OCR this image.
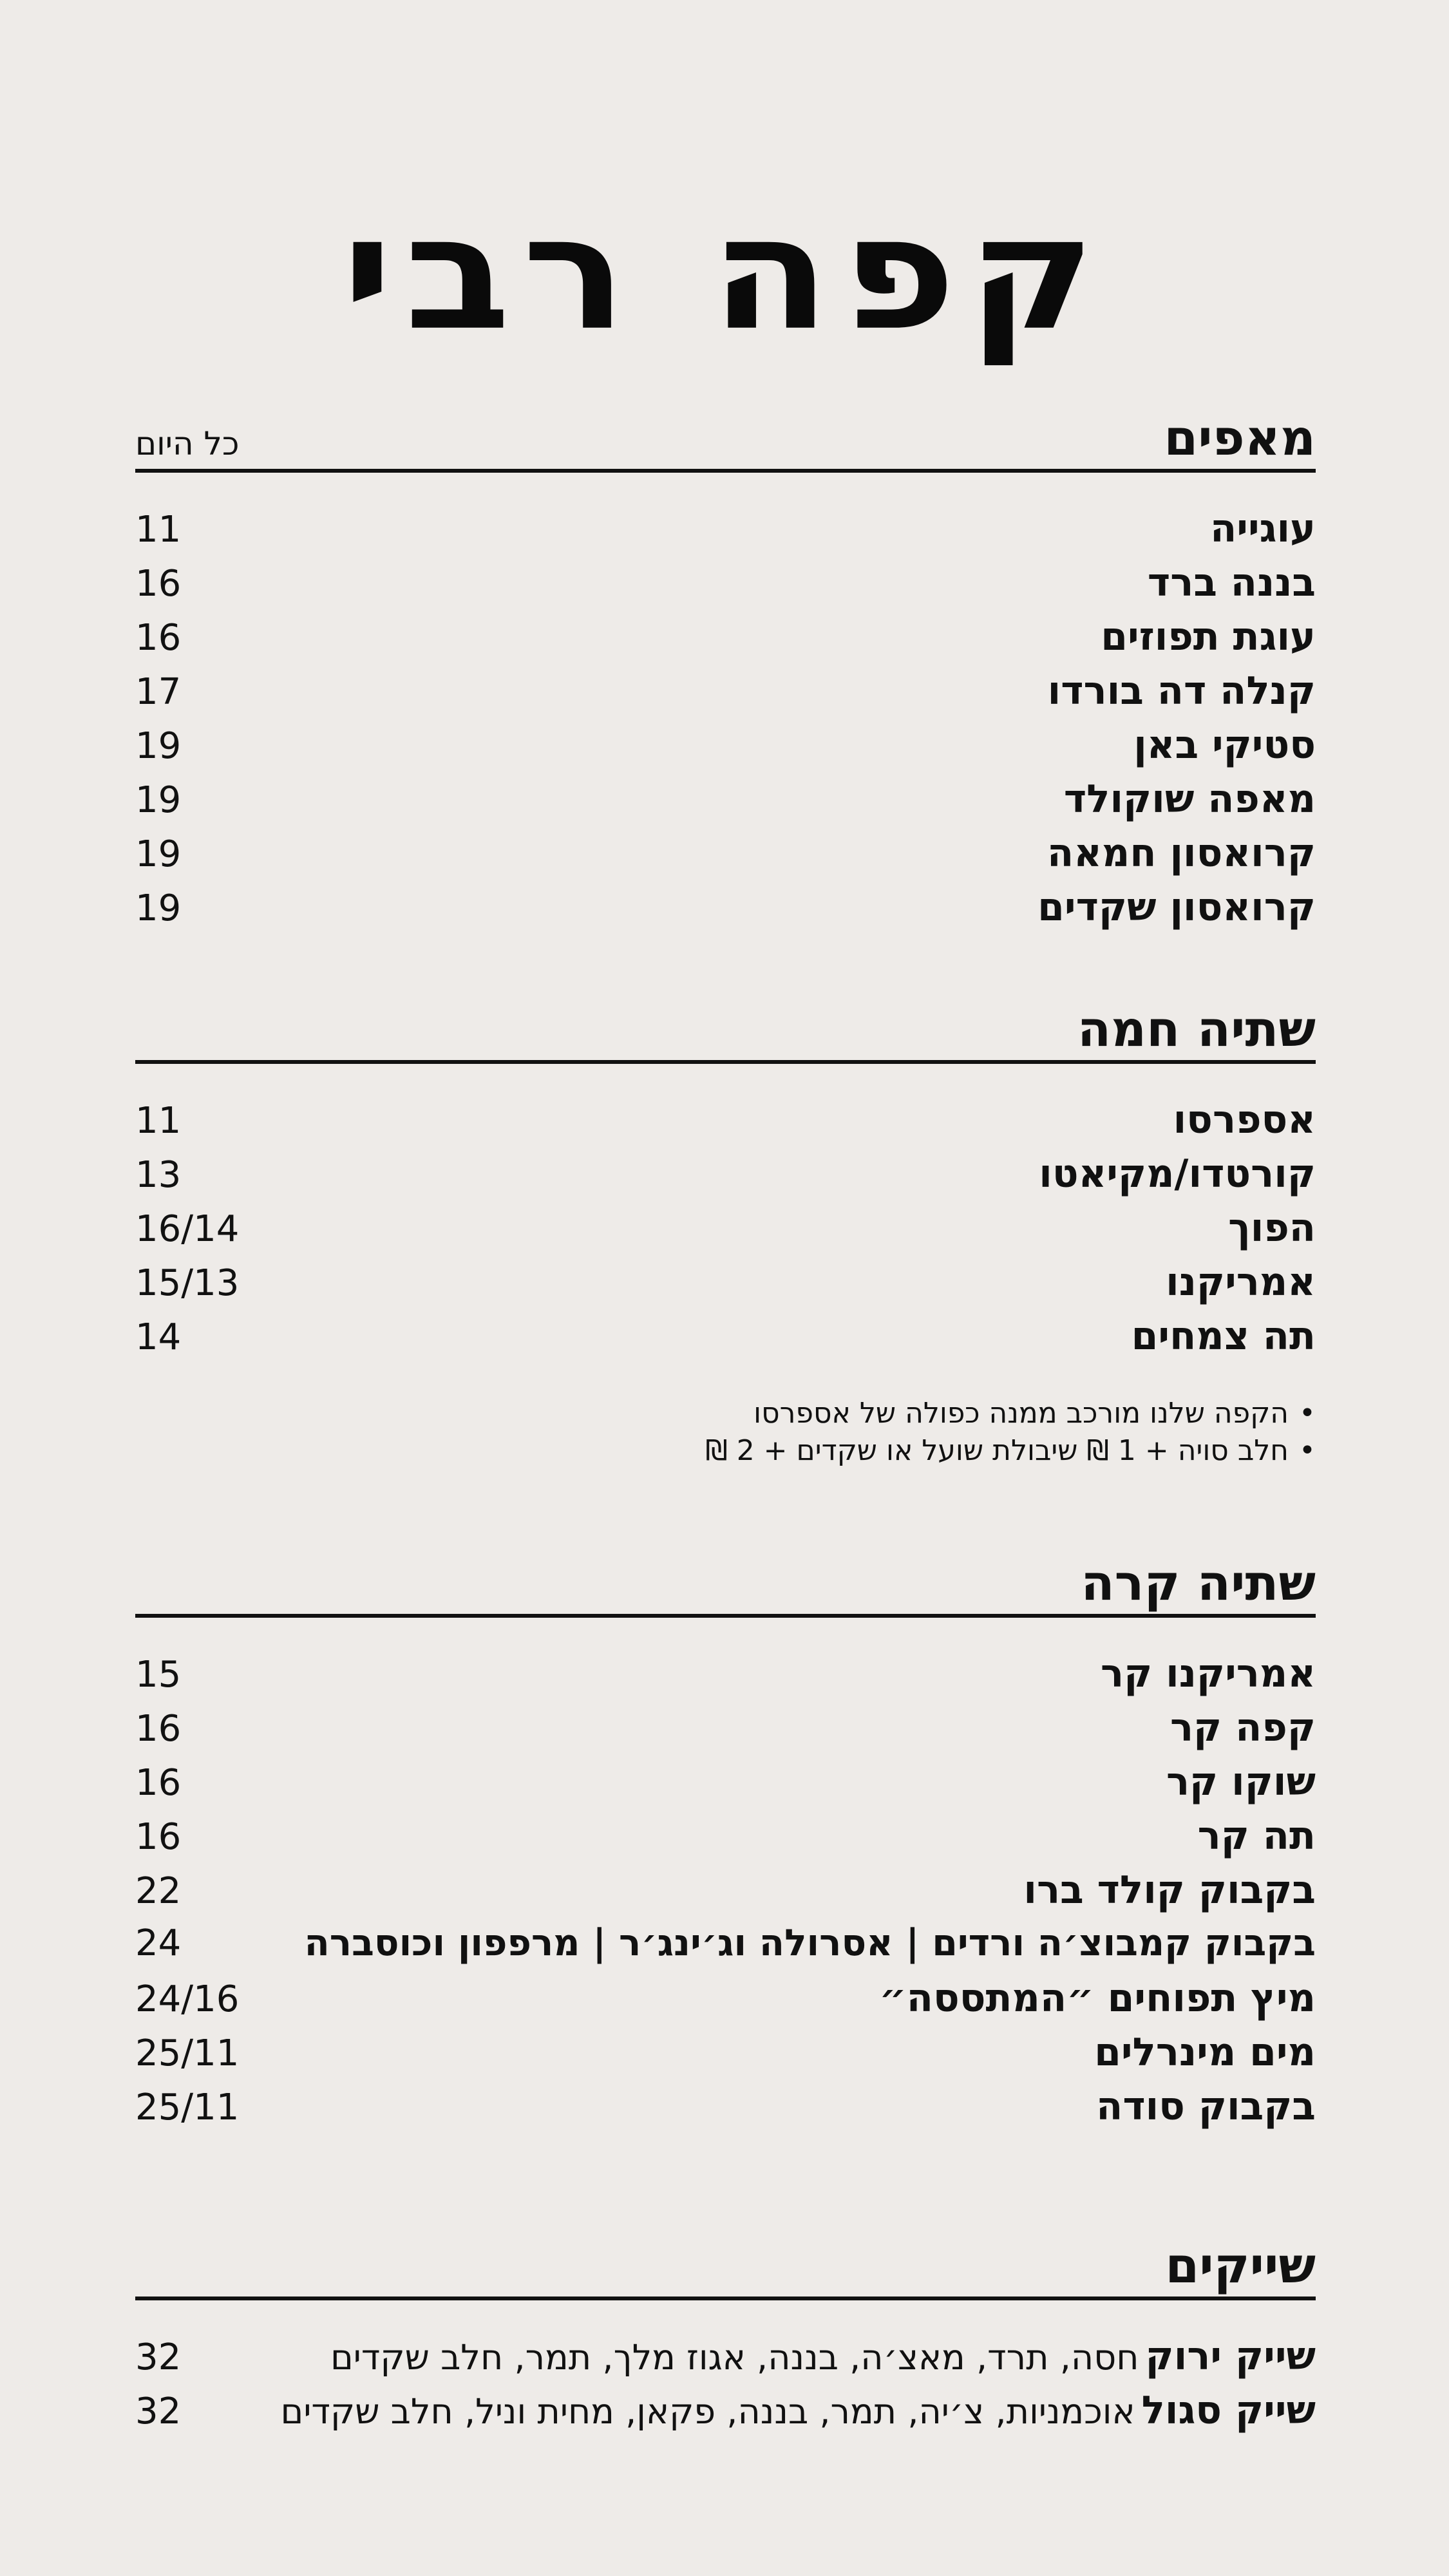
קפה רבי
מאפים
כל היום
עוגייה
11
בננה ברד
16
עוגת תפוזים
16
קנלה דה בורדו
17
סטיקי באן
19
מאפה שוקולד
19
קרואסון חמאה
19
קרואסון שקדים
19
שתיה חמה
אספרסו
11
קורטדו/מקיאטו
13
הפוך
16/14
אמריקנו
15/13
תה צמחים
14
•הקפה שלנו מורכב ממנה כפולה של אספרסו
•חלב סויה + 1 ₪ שיבולת שועל או שקדים + 2 ₪
שתיה קרה
אמריקנו קר
15
קפה קר
16
שוקו קר
16
תה קר
16
בקבוק קולד ברו
22
בקבוק קמבוצ׳ה ורדים | אסרולה וג׳ינג׳ר | מרפפון וכוסברה
24
מיץ תפוחים ״המתססה״
24/16
מים מינרלים
25/11
בקבוק סודה
25/11
שייקים
שייק ירוקחסה, תרד, מאצ׳ה, בננה, אגוז מלך, תמר, חלב שקדים
32
שייק סגולאוכמניות, צ׳יה, תמר, בננה, פקאן, מחית וניל, חלב שקדים
32
